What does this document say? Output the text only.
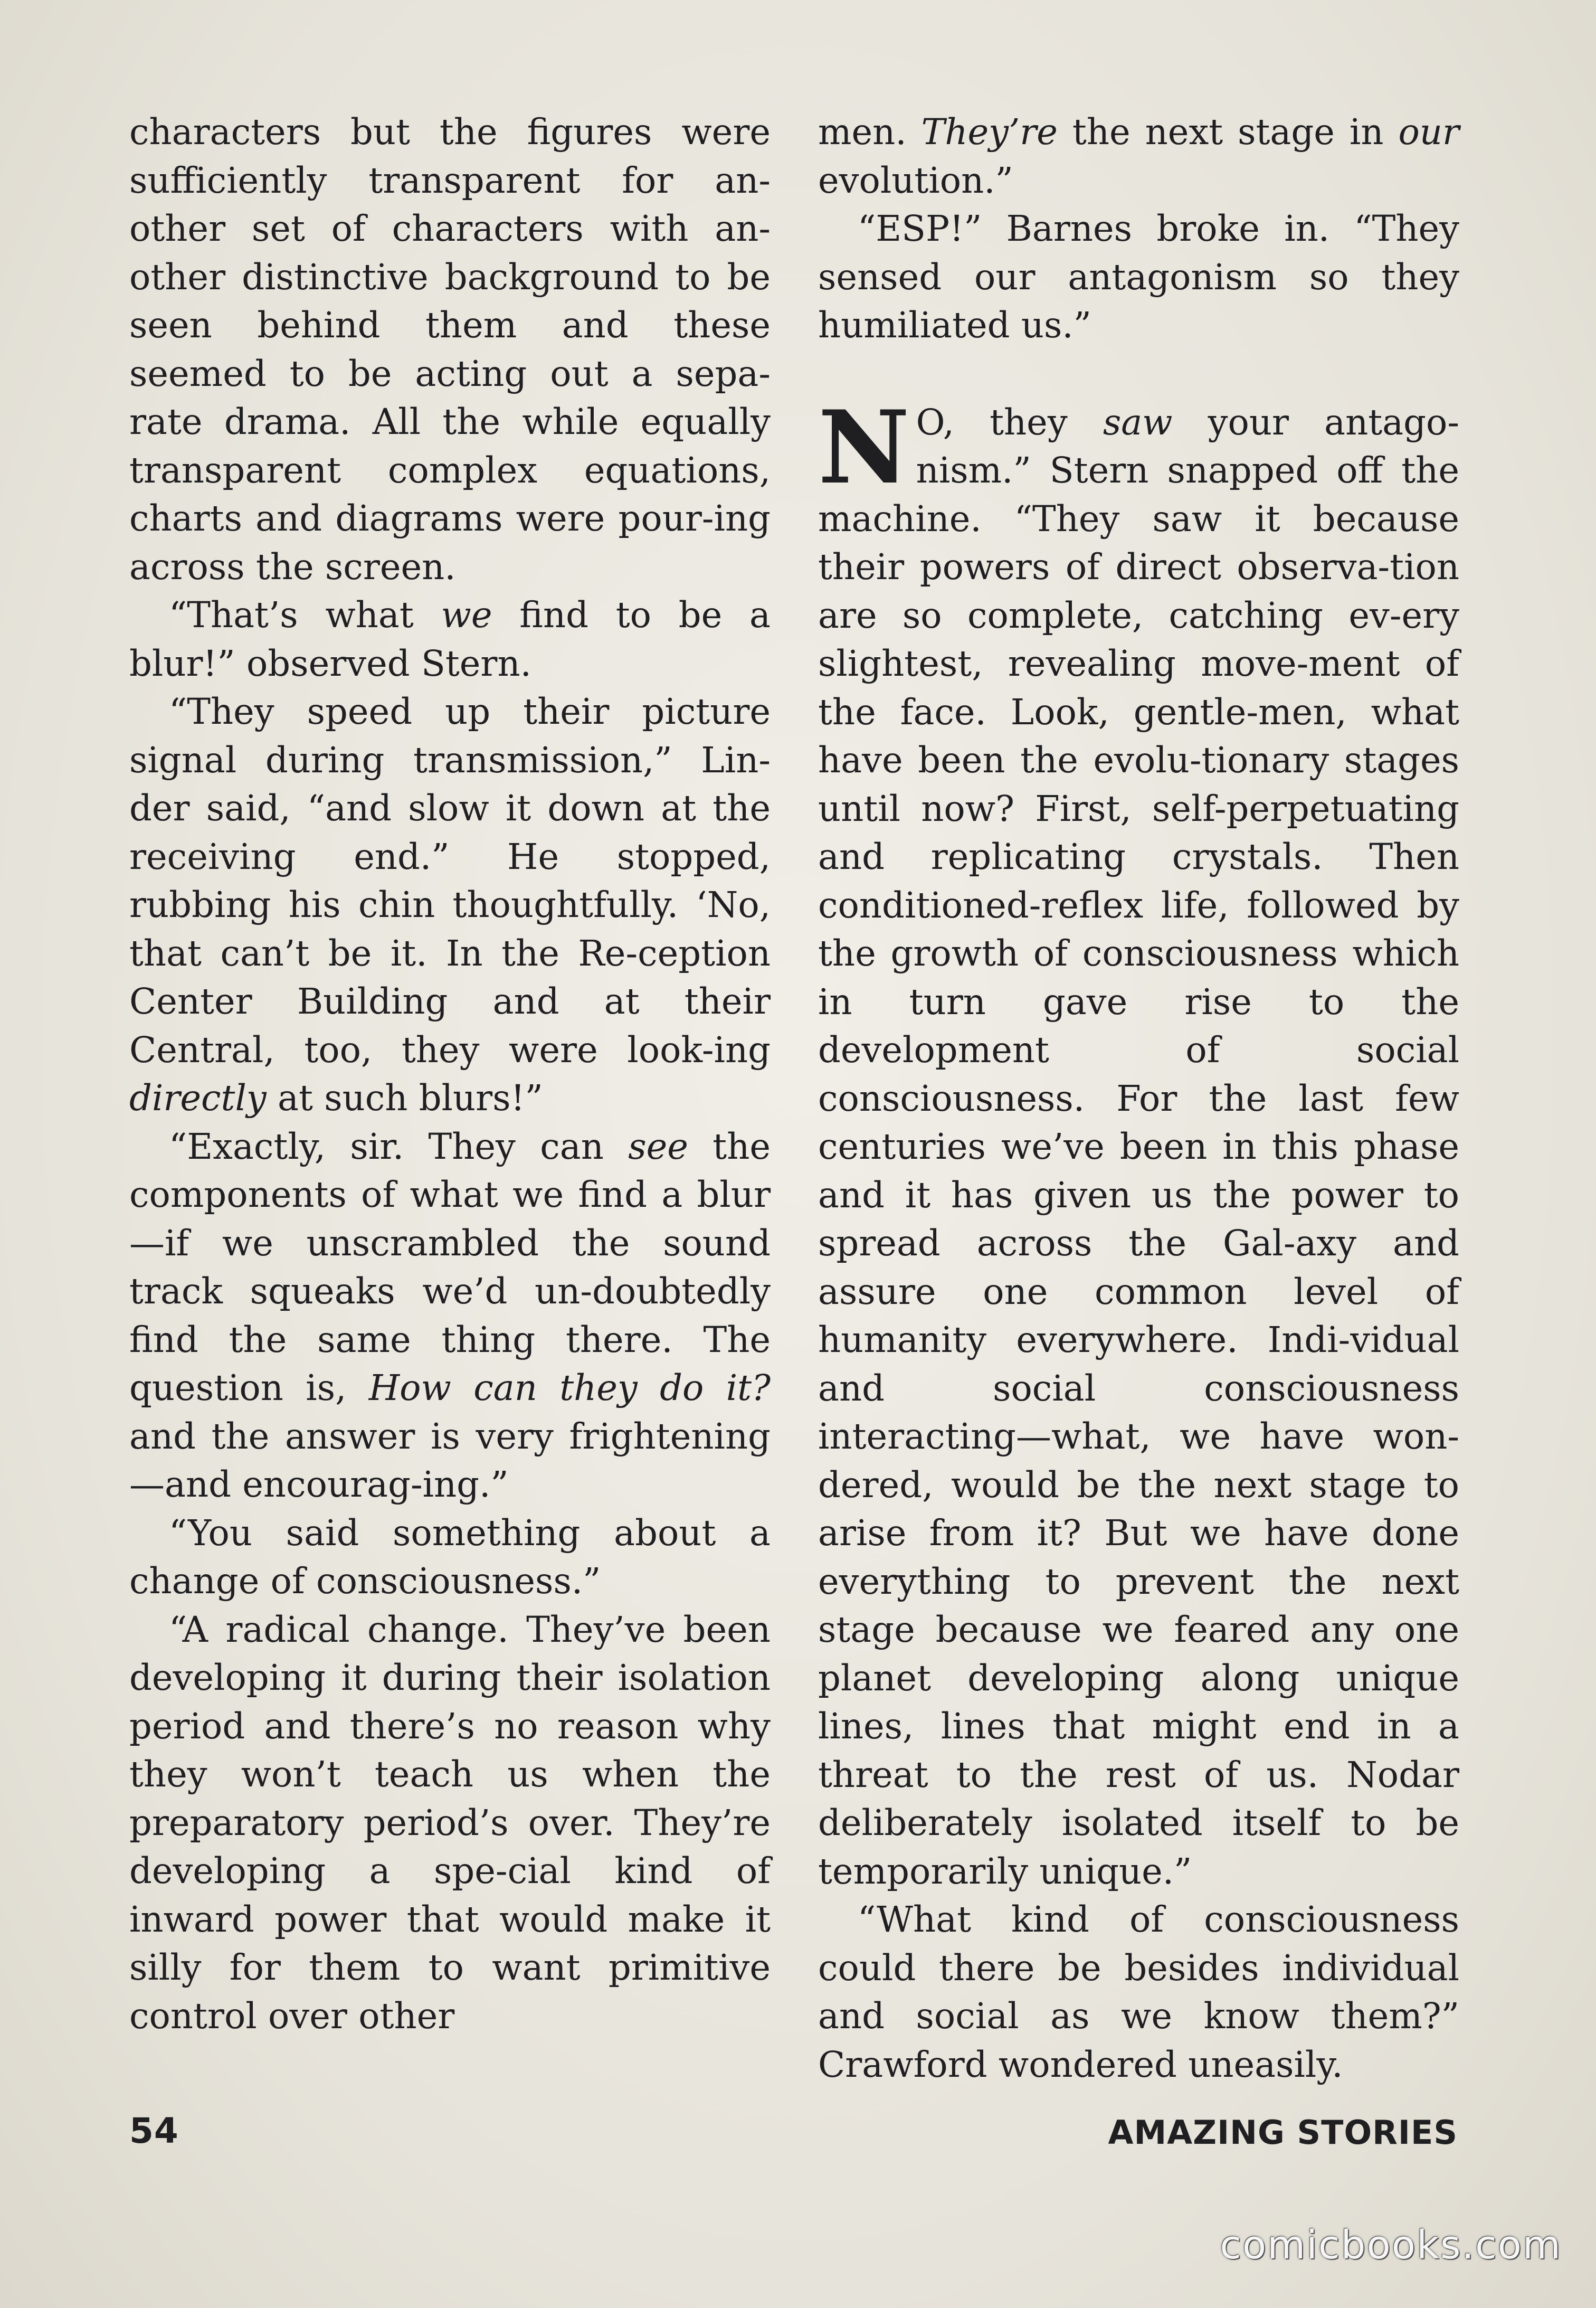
characters but the figures were sufficiently transparent for an-other set of characters with an-other distinctive background to be seen behind them and these seemed to be acting out a sepa-rate drama. All the while equally transparent complex equations, charts and diagrams were pour-ing across the screen.

“That’s what we find to be a blur!” observed Stern.

“They speed up their picture signal during transmission,” Lin-der said, “and slow it down at the receiving end.” He stopped, rubbing his chin thoughtfully. ‘No, that can’t be it. In the Re-ception Center Building and at their Central, too, they were look-ing directly at such blurs!”

“Exactly, sir. They can see the components of what we find a blur—if we unscrambled the sound track squeaks we’d un-doubtedly find the same thing there. The question is, How can they do it? and the answer is very frightening—and encourag-ing.”

“You said something about a change of consciousness.”

“A radical change. They’ve been developing it during their isolation period and there’s no reason why they won’t teach us when the preparatory period’s over. They’re developing a spe-cial kind of inward power that would make it silly for them to want primitive control over other

men. They’re the next stage in our evolution.”

“ESP!” Barnes broke in. “They sensed our antagonism so they humiliated us.”

N O, they saw your antago-nism.” Stern snapped off the machine. “They saw it because their powers of direct observa-tion are so complete, catching ev-ery slightest, revealing move-ment of the face. Look, gentle-men, what have been the evolu-tionary stages until now? First, self-perpetuating and replicating crystals. Then conditioned-reflex life, followed by the growth of consciousness which in turn gave rise to the development of social consciousness. For the last few centuries we’ve been in this phase and it has given us the power to spread across the Gal-axy and assure one common level of humanity everywhere. Indi-vidual and social consciousness interacting—what, we have won-dered, would be the next stage to arise from it? But we have done everything to prevent the next stage because we feared any one planet developing along unique lines, lines that might end in a threat to the rest of us. Nodar deliberately isolated itself to be temporarily unique.”

“What kind of consciousness could there be besides individual and social as we know them?” Crawford wondered uneasily.

54	AMAZING STORIES
comicbooks.com
